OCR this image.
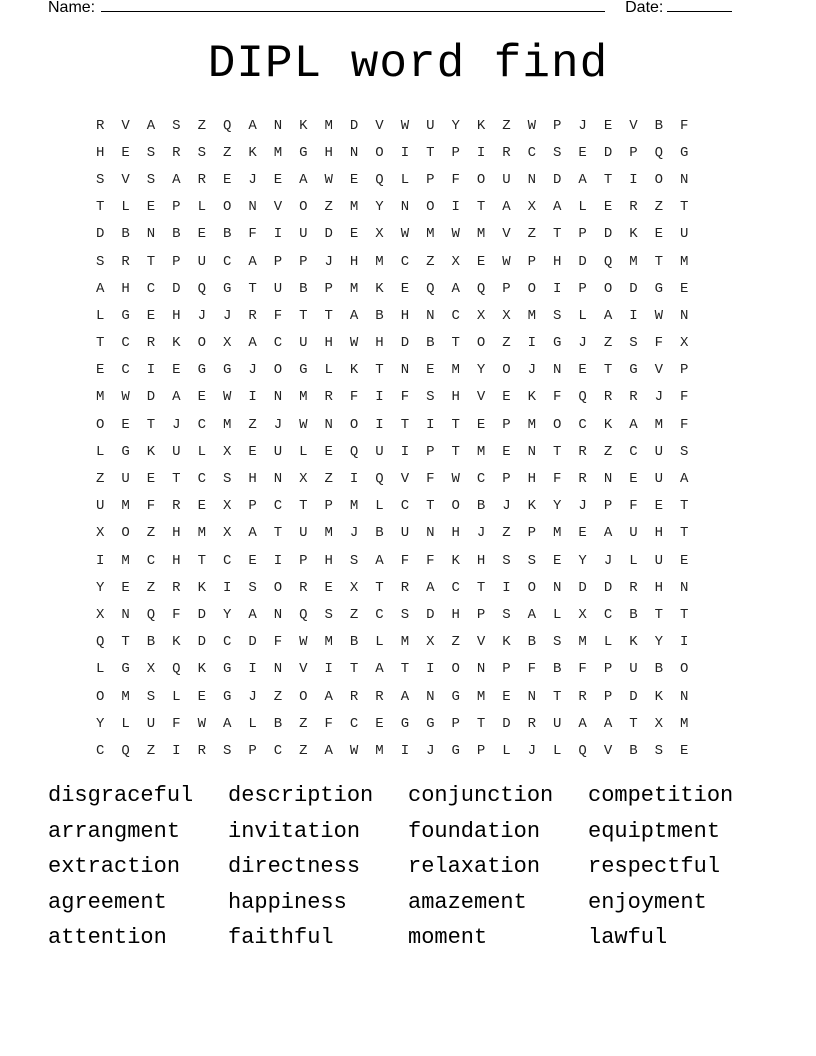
Name:	Date:
DIPL word find
R	V	A	S	Z	Q	A	N	K	M	D	V	W	U	Y	K	Z	W	P	J	E	V	B	F
H	E	S	R	S	Z	K	M	G	H	N	O	I	T	P	I	R	C	S	E	D	P	Q	G
S	V	S	A	R	E	J	E	A	W	E	Q	L	P	F	O	U	N	D	A	T	I	O	N
T	L	E	P	L	O	N	V	O	Z	M	Y	N	O	I	T	A	X	A	L	E	R	Z	T
D	B	N	B	E	B	F	I	U	D	E	X	W	M	W	M	V	Z	T	P	D	K	E	U
S	R	T	P	U	C	A	P	P	J	H	M	C	Z	X	E	W	P	H	D	Q	M	T	M
A	H	C	D	Q	G	T	U	B	P	M	K	E	Q	A	Q	P	O	I	P	O	D	G	E
L	G	E	H	J	J	R	F	T	T	A	B	H	N	C	X	X	M	S	L	A	I	W	N
T	C	R	K	O	X	A	C	U	H	W	H	D	B	T	O	Z	I	G	J	Z	S	F	X
E	C	I	E	G	G	J	O	G	L	K	T	N	E	M	Y	O	J	N	E	T	G	V	P
M	W	D	A	E	W	I	N	M	R	F	I	F	S	H	V	E	K	F	Q	R	R	J	F
O	E	T	J	C	M	Z	J	W	N	O	I	T	I	T	E	P	M	O	C	K	A	M	F
L	G	K	U	L	X	E	U	L	E	Q	U	I	P	T	M	E	N	T	R	Z	C	U	S
Z	U	E	T	C	S	H	N	X	Z	I	Q	V	F	W	C	P	H	F	R	N	E	U	A
U	M	F	R	E	X	P	C	T	P	M	L	C	T	O	B	J	K	Y	J	P	F	E	T
X	O	Z	H	M	X	A	T	U	M	J	B	U	N	H	J	Z	P	M	E	A	U	H	T
I	M	C	H	T	C	E	I	P	H	S	A	F	F	K	H	S	S	E	Y	J	L	U	E
Y	E	Z	R	K	I	S	O	R	E	X	T	R	A	C	T	I	O	N	D	D	R	H	N
X	N	Q	F	D	Y	A	N	Q	S	Z	C	S	D	H	P	S	A	L	X	C	B	T	T
Q	T	B	K	D	C	D	F	W	M	B	L	M	X	Z	V	K	B	S	M	L	K	Y	I
L	G	X	Q	K	G	I	N	V	I	T	A	T	I	O	N	P	F	B	F	P	U	B	O
O	M	S	L	E	G	J	Z	O	A	R	R	A	N	G	M	E	N	T	R	P	D	K	N
Y	L	U	F	W	A	L	B	Z	F	C	E	G	G	P	T	D	R	U	A	A	T	X	M
C	Q	Z	I	R	S	P	C	Z	A	W	M	I	J	G	P	L	J	L	Q	V	B	S	E
disgraceful	description	conjunction	competition
arrangment	invitation	foundation	equiptment
extraction	directness	relaxation	respectful
agreement	happiness	amazement	enjoyment
attention	faithful	moment	lawful
